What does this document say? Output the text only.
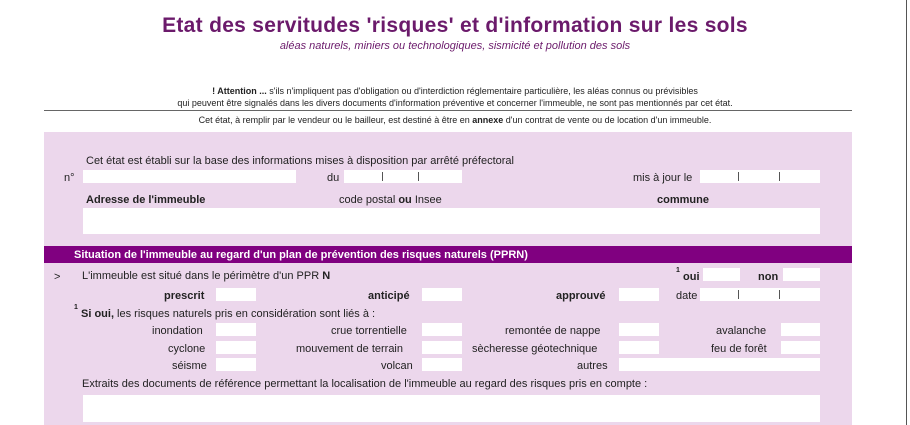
Etat des servitudes 'risques' et d'information sur les sols
aléas naturels, miniers ou technologiques, sismicité et pollution des sols
! Attention ... s'ils n'impliquent pas d'obligation ou d'interdiction réglementaire particulière, les aléas connus ou prévisibles
qui peuvent être signalés dans les divers documents d'information préventive et concerner l'immeuble, ne sont pas mentionnés par cet état.
Cet état, à remplir par le vendeur ou le bailleur, est destiné à être en annexe d'un contrat de vente ou de location d'un immeuble.
Cet état est établi sur la base des informations mises à disposition par arrêté préfectoral
n°	du	mis à jour le
Adresse de l'immeuble	code postal ou Insee	commune
Situation de l'immeuble au regard d'un plan de prévention des risques naturels (PPRN)
> L'immeuble est situé dans le périmètre d'un PPR N	1
oui	non
prescrit	anticipé	approuvé	date
1
Si oui, les risques naturels pris en considération sont liés à :
inondation	crue torrentielle	remontée de nappe	avalanche
cyclone	mouvement de terrain	sècheresse géotechnique	feu de forêt
séisme	volcan	autres
Extraits des documents de référence permettant la localisation de l'immeuble au regard des risques pris en compte :
